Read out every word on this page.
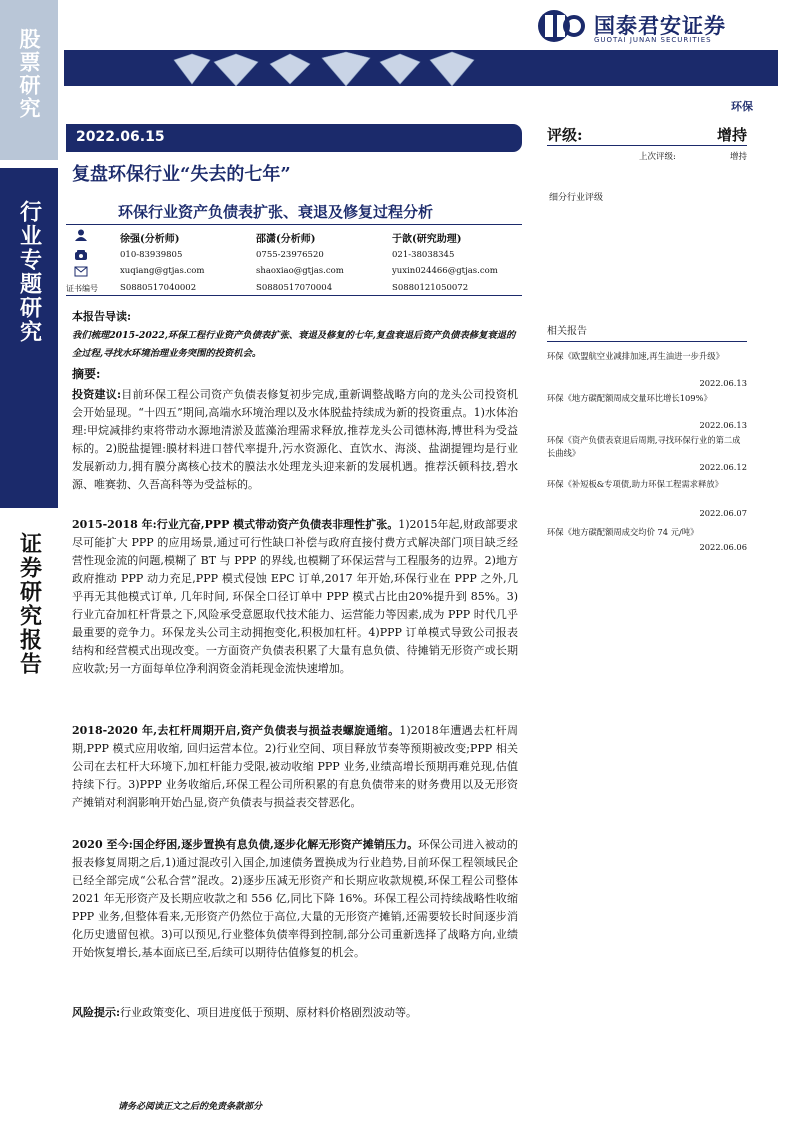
股票研究
行业专题研究
证券研究报告
国泰君安证券
GUOTAI JUNAN SECURITIES
环保
2022.06.15
复盘环保行业“失去的七年”
环保行业资产负债表扩张、衰退及修复过程分析
证书编号
徐强(分析师)
010-83939805
xuqiang@gtjas.com
S0880517040002
邵潇(分析师)
0755-23976520
shaoxiao@gtjas.com
S0880517070004
于歆(研究助理)
021-38038345
yuxin024466@gtjas.com
S0880121050072
本报告导读:
我们梳理2015-2022,环保工程行业资产负债表扩张、衰退及修复的七年,复盘衰退后资产负债表修复衰退的全过程,寻找水环境治理业务突围的投资机会。
摘要:
投资建议:目前环保工程公司资产负债表修复初步完成,重新调整战略方向的龙头公司投资机会开始显现。“十四五”期间,高端水环境治理以及水体脱盐持续成为新的投资重点。1)水体治理:甲烷减排约束将带动水源地清淤及蓝藻治理需求释放,推荐龙头公司德林海,博世科为受益标的。2)脱盐提锂:膜材料进口替代率提升,污水资源化、直饮水、海淡、盐湖提锂均是行业发展新动力,拥有膜分离核心技术的膜法水处理龙头迎来新的发展机遇。推荐沃顿科技,碧水源、唯赛勃、久吾高科等为受益标的。
2015-2018 年:行业亢奋,PPP 模式带动资产负债表非理性扩张。1)2015年起,财政部要求尽可能扩大 PPP 的应用场景,通过可行性缺口补偿与政府直接付费方式解决部门项目缺乏经营性现金流的问题,模糊了 BT 与 PPP 的界线,也模糊了环保运营与工程服务的边界。2)地方政府推动 PPP 动力充足,PPP 模式侵蚀 EPC 订单,2017 年开始,环保行业在 PPP 之外,几乎再无其他模式订单, 几年时间, 环保全口径订单中 PPP 模式占比由20%提升到 85%。3)行业亢奋加杠杆背景之下,风险承受意愿取代技术能力、运营能力等因素,成为 PPP 时代几乎最重要的竞争力。环保龙头公司主动拥抱变化,积极加杠杆。4)PPP 订单模式导致公司报表结构和经营模式出现改变。一方面资产负债表积累了大量有息负债、待摊销无形资产或长期应收款;另一方面每单位净利润资金消耗现金流快速增加。
2018-2020 年,去杠杆周期开启,资产负债表与损益表螺旋通缩。1)2018年遭遇去杠杆周期,PPP 模式应用收缩, 回归运营本位。2)行业空间、项目释放节奏等预期被改变;PPP 相关公司在去杠杆大环境下,加杠杆能力受限,被动收缩 PPP 业务,业绩高增长预期再难兑现,估值持续下行。3)PPP 业务收缩后,环保工程公司所积累的有息负债带来的财务费用以及无形资产摊销对利润影响开始凸显,资产负债表与损益表交替恶化。
2020 至今:国企纾困,逐步置换有息负债,逐步化解无形资产摊销压力。环保公司进入被动的报表修复周期之后,1)通过混改引入国企,加速债务置换成为行业趋势,目前环保工程领域民企已经全部完成“公私合营”混改。2)逐步压减无形资产和长期应收款规模,环保工程公司整体 2021 年无形资产及长期应收款之和 556 亿,同比下降 16%。环保工程公司持续战略性收缩 PPP 业务,但整体看来,无形资产仍然位于高位,大量的无形资产摊销,还需要较长时间逐步消化历史遗留包袱。3)可以预见,行业整体负债率得到控制,部分公司重新选择了战略方向,业绩开始恢复增长,基本面底已至,后续可以期待估值修复的机会。
风险提示:行业政策变化、项目进度低于预期、原材料价格剧烈波动等。
评级:	增持
上次评级:	增持
细分行业评级
相关报告
环保《欧盟航空业减排加速,再生油进一步升级》
2022.06.13
环保《地方碳配额周成交量环比增长109%》
2022.06.13
环保《资产负债表衰退后周期,寻找环保行业的第二成长曲线》
2022.06.12
环保《补短板&专项债,助力环保工程需求释放》
2022.06.07
环保《地方碳配额周成交均价 74 元/吨》
2022.06.06
请务必阅读正文之后的免责条款部分
